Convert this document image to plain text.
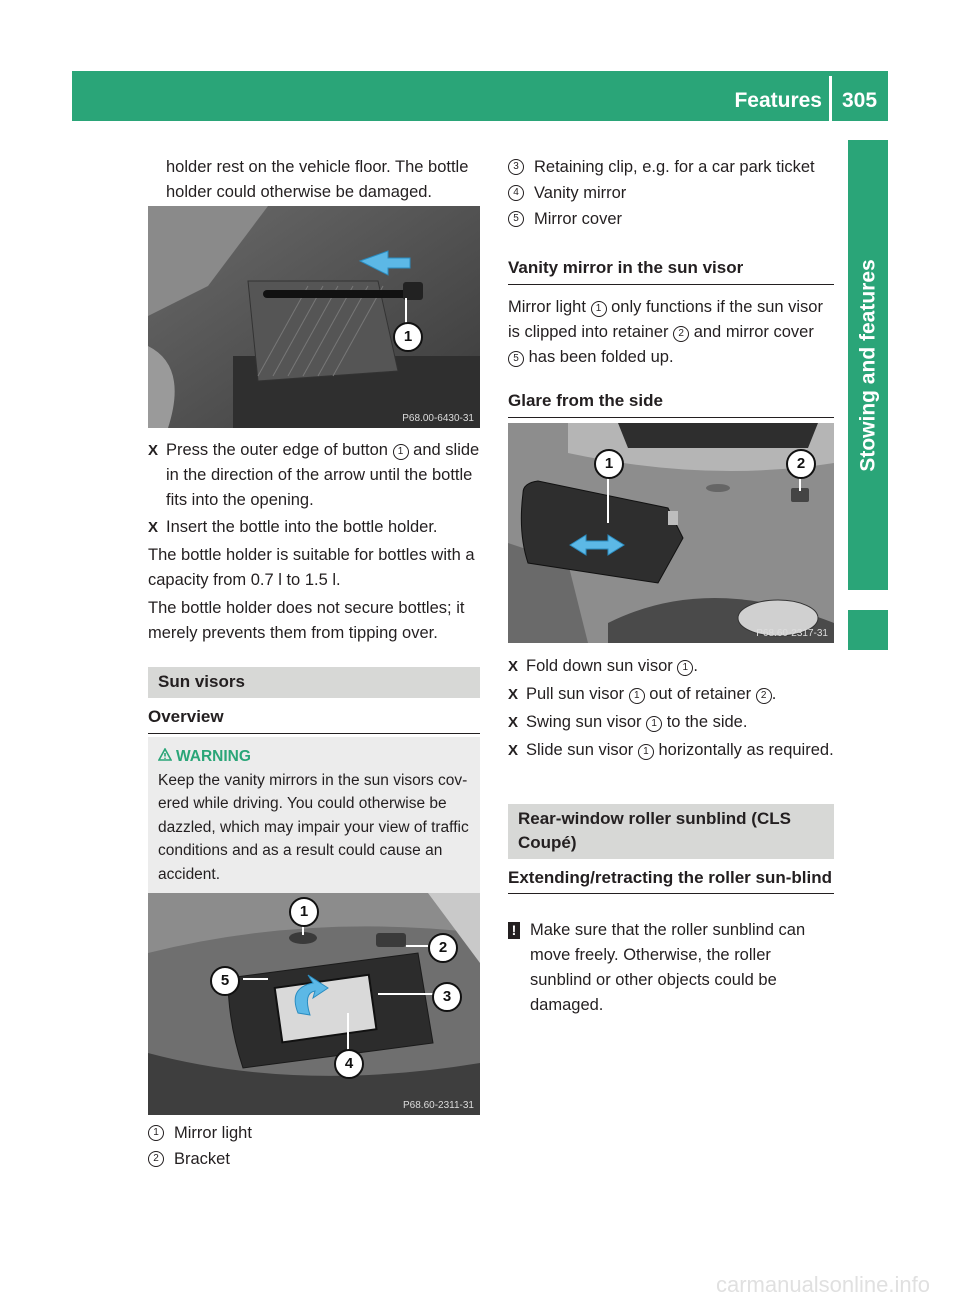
Features 305
Stowing and features

holder rest on the vehicle floor. The bottle holder could otherwise be damaged.

1
P68.00-6430-31
X Press the outer edge of button 1 and slide in the direction of the arrow until the bottle fits into the opening.
X Insert the bottle into the bottle holder.

The bottle holder is suitable for bottles with a capacity from 0.7 l to 1.5 l.

The bottle holder does not secure bottles; it merely prevents them from tipping over.

Sun visors
Overview
WARNING

Keep the vanity mirrors in the sun visors cov-ered while driving. You could otherwise be dazzled, which may impair your view of traffic conditions and as a result could cause an accident.

1
2
3
4
5
P68.60-2311-31
1 Mirror light
2 Bracket
3 Retaining clip, e.g. for a car park ticket
4 Vanity mirror
5 Mirror cover
Vanity mirror in the sun visor

Mirror light 1 only functions if the sun visor is clipped into retainer 2 and mirror cover 5 has been folded up.

Glare from the side
1	2
P68.60-2317-31
X Fold down sun visor 1 .
X Pull sun visor 1 out of retainer 2 .
X Swing sun visor 1 to the side.
X Slide sun visor 1 horizontally as required.
Rear-window roller sunblind (CLS Coupé)
Extending/retracting the roller sun-blind
! Make sure that the roller sunblind can move freely. Otherwise, the roller sunblind or other objects could be damaged.
carmanualsonline.info
